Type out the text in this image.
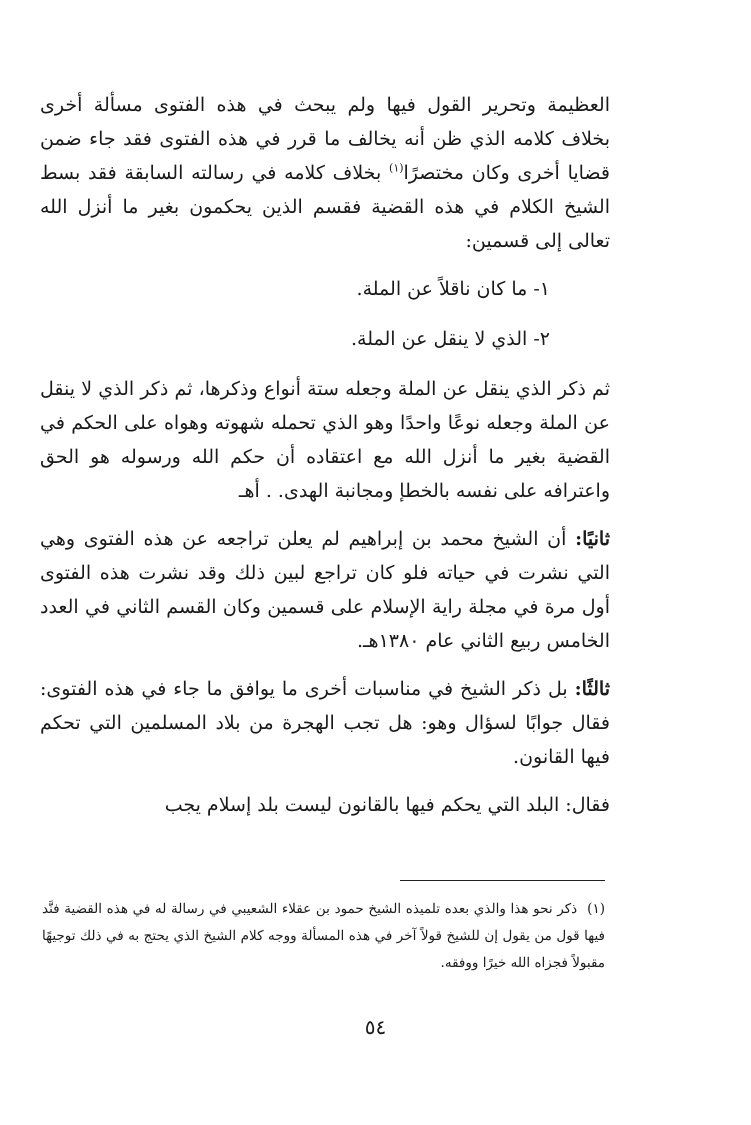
العظيمة وتحرير القول فيها ولم يبحث في هذه الفتوى مسألة أخرى بخلاف كلامه الذي ظن أنه يخالف ما قرر في هذه الفتوى فقد جاء ضمن قضايا أخرى وكان مختصرًا$^{(١)}$ بخلاف كلامه في رسالته السابقة فقد بسط الشيخ الكلام في هذه القضية فقسم الذين يحكمون بغير ما أنزل الله تعالى إلى قسمين:

١- ما كان ناقلاً عن الملة.
٢- الذي لا ينقل عن الملة.

ثم ذكر الذي ينقل عن الملة وجعله ستة أنواع وذكرها، ثم ذكر الذي لا ينقل عن الملة وجعله نوعًا واحدًا وهو الذي تحمله شهوته وهواه على الحكم في القضية بغير ما أنزل الله مع اعتقاده أن حكم الله ورسوله هو الحق واعترافه على نفسه بالخطإ ومجانبة الهدى. . أهـ

ثانيًا: أن الشيخ محمد بن إبراهيم لم يعلن تراجعه عن هذه الفتوى وهي التي نشرت في حياته فلو كان تراجع لبين ذلك وقد نشرت هذه الفتوى أول مرة في مجلة راية الإسلام على قسمين وكان القسم الثاني في العدد الخامس ربيع الثاني عام ١٣٨٠هـ.

ثالثًا: بل ذكر الشيخ في مناسبات أخرى ما يوافق ما جاء في هذه الفتوى: فقال جوابًا لسؤال وهو: هل تجب الهجرة من بلاد المسلمين التي تحكم فيها القانون.

فقال: البلد التي يحكم فيها بالقانون ليست بلد إسلام يجب

(١)ذكر نحو هذا والذي بعده تلميذه الشيخ حمود بن عقلاء الشعيبي في رسالة له في هذه القضية فنَّد فيها قول من يقول إن للشيخ قولاً آخر في هذه المسألة ووجه كلام الشيخ الذي يحتج به في ذلك توجيهًا مقبولاً فجزاه الله خيرًا ووفقه.
٥٤
